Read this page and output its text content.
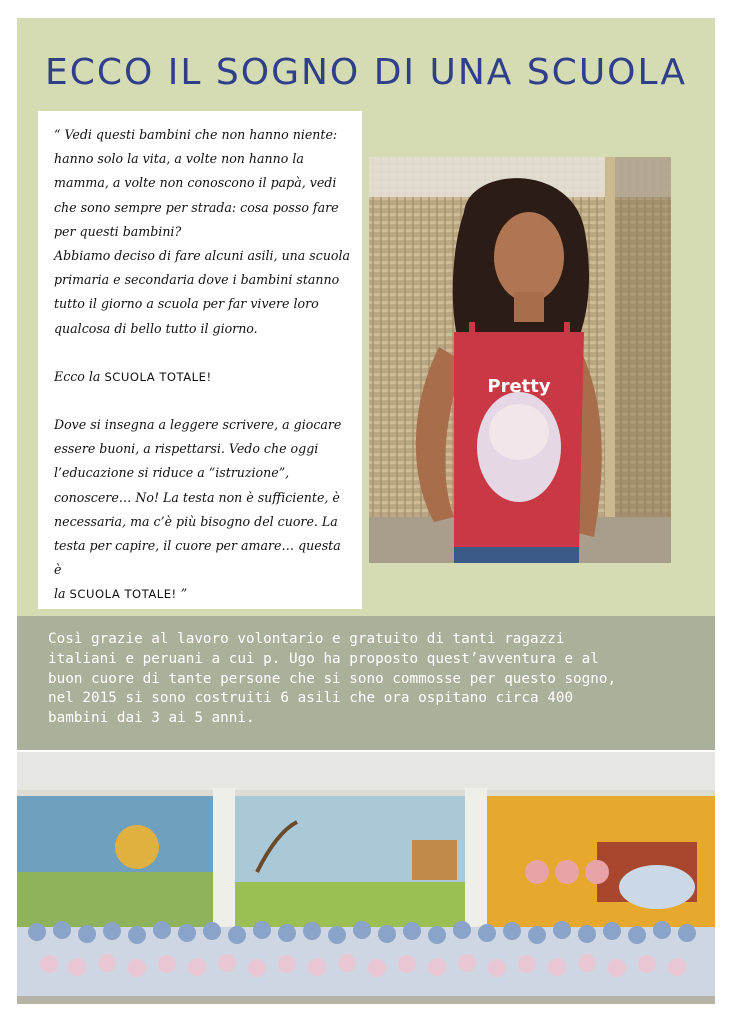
ECCO IL SOGNO DI UNA SCUOLA

“ Vedi questi bambini che non hanno niente:
hanno solo la vita, a volte non hanno la
mamma, a volte non conoscono il papà, vedi
che sono sempre per strada: cosa posso fare
per questi bambini?
Abbiamo deciso di fare alcuni asili, una scuola
primaria e secondaria dove i bambini stanno
tutto il giorno a scuola per far vivere loro
qualcosa di bello tutto il giorno.

Ecco la SCUOLA TOTALE!

Dove si insegna a leggere scrivere, a giocare
essere buoni, a rispettarsi. Vedo che oggi
l’educazione si riduce a “istruzione”,
conoscere… No! La testa non è sufficiente, è
necessaria, ma c’è più bisogno del cuore. La
testa per capire, il cuore per amare… questa è
la SCUOLA TOTALE! ”

Pretty

Così grazie al lavoro volontario e gratuito di tanti ragazzi
italiani e peruani a cui p. Ugo ha proposto quest’avventura e al
buon cuore di tante persone che si sono commosse per questo sogno,
nel 2015 si sono costruiti 6 asili che ora ospitano circa 400
bambini dai 3 ai 5 anni.
